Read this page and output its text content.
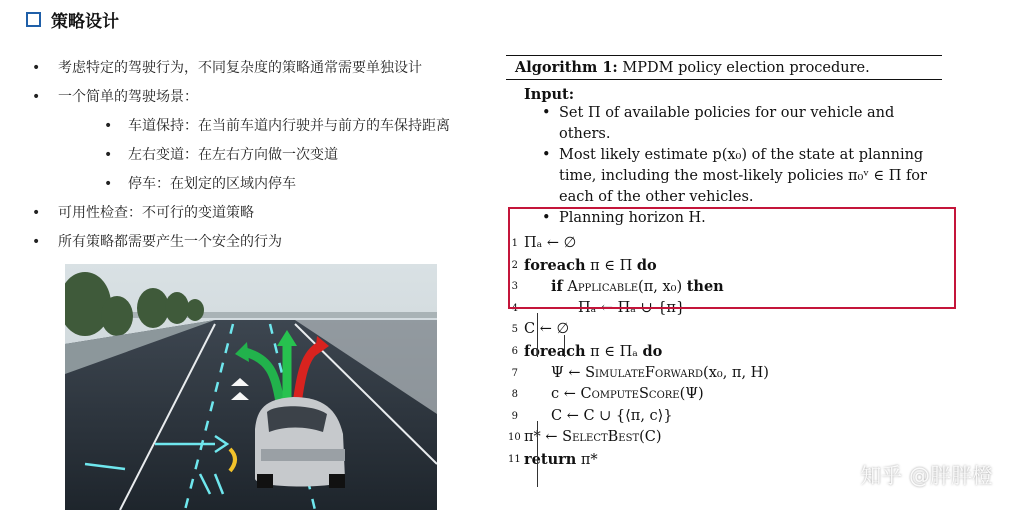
策略设计
• 考虑特定的驾驶行为，不同复杂度的策略通常需要单独设计
• 一个简单的驾驶场景：
• 车道保持：在当前车道内行驶并与前方的车保持距离
• 左右变道：在左右方向做一次变道
• 停车：在划定的区域内停车
• 可用性检查：不可行的变道策略
• 所有策略都需要产生一个安全的行为
Algorithm 1: MPDM policy election procedure.
Input:
• Set Π of available policies for our vehicle and others.
• Most likely estimate p(x₀) of the state at planning time, including the most-likely policies π₀ᵛ ∈ Π for each of the other vehicles.
• Planning horizon H.
1 Πₐ ← ∅
2 foreach π ∈ Π do
3 if Applicable(π, x₀) then
4	Πₐ ← Πₐ ∪ {π}
5 C ← ∅
6 foreach π ∈ Πₐ do
7 Ψ ← SimulateForward(x₀, π, H)
8 c ← ComputeScore(Ψ)
9 C ← C ∪ {⟨π, c⟩}
10 π* ← SelectBest(C)
11 return π*
知乎 @胖胖橙
